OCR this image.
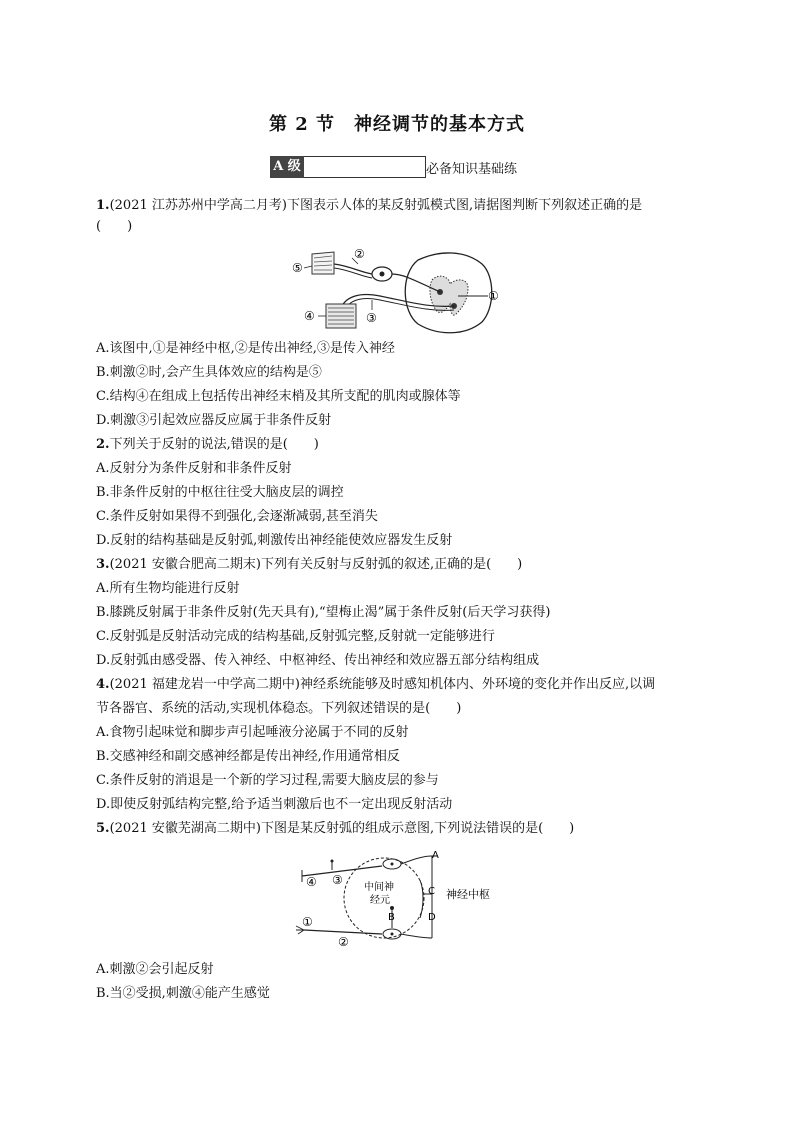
第 2 节　神经调节的基本方式
A 级	必备知识基础练
1.(2021 江苏苏州中学高二月考)下图表示人体的某反射弧模式图,请据图判断下列叙述正确的是
(　　)
①
⑤
②
④	③
A.该图中,①是神经中枢,②是传出神经,③是传入神经
B.刺激②时,会产生具体效应的结构是⑤
C.结构④在组成上包括传出神经末梢及其所支配的肌肉或腺体等
D.刺激③引起效应器反应属于非条件反射
2.下列关于反射的说法,错误的是(　　)
A.反射分为条件反射和非条件反射
B.非条件反射的中枢往往受大脑皮层的调控
C.条件反射如果得不到强化,会逐渐减弱,甚至消失
D.反射的结构基础是反射弧,刺激传出神经能使效应器发生反射
3.(2021 安徽合肥高二期末)下列有关反射与反射弧的叙述,正确的是(　　)
A.所有生物均能进行反射
B.膝跳反射属于非条件反射(先天具有),“望梅止渴”属于条件反射(后天学习获得)
C.反射弧是反射活动完成的结构基础,反射弧完整,反射就一定能够进行
D.反射弧由感受器、传入神经、中枢神经、传出神经和效应器五部分结构组成
4.(2021 福建龙岩一中学高二期中)神经系统能够及时感知机体内、外环境的变化并作出反应,以调
节各器官、系统的活动,实现机体稳态。下列叙述错误的是(　　)
A.食物引起味觉和脚步声引起唾液分泌属于不同的反射
B.交感神经和副交感神经都是传出神经,作用通常相反
C.条件反射的消退是一个新的学习过程,需要大脑皮层的参与
D.即使反射弧结构完整,给予适当刺激后也不一定出现反射活动
5.(2021 安徽芜湖高二期中)下图是某反射弧的组成示意图,下列说法错误的是(　　)
中间神
经元
B
A
C
D
神经中枢
④ ③
①
②
A.刺激②会引起反射
B.当②受损,刺激④能产生感觉
